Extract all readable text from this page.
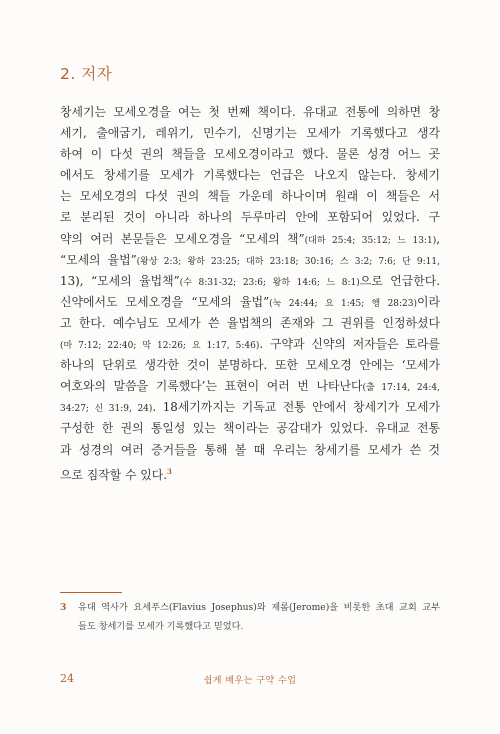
2. 저자
창세기는 모세오경을 여는 첫 번째 책이다. 유대교 전통에 의하면 창
세기, 출애굽기, 레위기, 민수기, 신명기는 모세가 기록했다고 생각
하여 이 다섯 권의 책들을 모세오경이라고 했다. 물론 성경 어느 곳
에서도 창세기를 모세가 기록했다는 언급은 나오지 않는다. 창세기
는 모세오경의 다섯 권의 책들 가운데 하나이며 원래 이 책들은 서
로 분리된 것이 아니라 하나의 두루마리 안에 포함되어 있었다. 구
약의 여러 본문들은 모세오경을 “모세의 책”(대하 25:4; 35:12; 느 13:1),
“모세의 율법”(왕상 2:3; 왕하 23:25; 대하 23:18; 30:16; 스 3:2; 7:6; 단 9:11,
13), “모세의 율법책”(수 8:31-32; 23:6; 왕하 14:6; 느 8:1)으로 언급한다.
신약에서도 모세오경을 “모세의 율법”(눅 24:44; 요 1:45; 행 28:23)이라
고 한다. 예수님도 모세가 쓴 율법책의 존재와 그 권위를 인정하셨다
(마 7:12; 22:40; 막 12:26; 요 1:17, 5:46). 구약과 신약의 저자들은 토라를
하나의 단위로 생각한 것이 분명하다. 또한 모세오경 안에는 ‘모세가
여호와의 말씀을 기록했다’는 표현이 여러 번 나타난다(출 17:14, 24:4,
34:27; 신 31:9, 24). 18세기까지는 기독교 전통 안에서 창세기가 모세가
구성한 한 권의 통일성 있는 책이라는 공감대가 있었다. 유대교 전통
과 성경의 여러 증거들을 통해 볼 때 우리는 창세기를 모세가 쓴 것
으로 짐작할 수 있다.$^3$
3 유대 역사가 요세푸스(Flavius Josephus)와 제롬(Jerome)을 비롯한 초대 교회 교부
들도 창세기를 모세가 기록했다고 믿었다.
24	쉽게 배우는 구약 수업
